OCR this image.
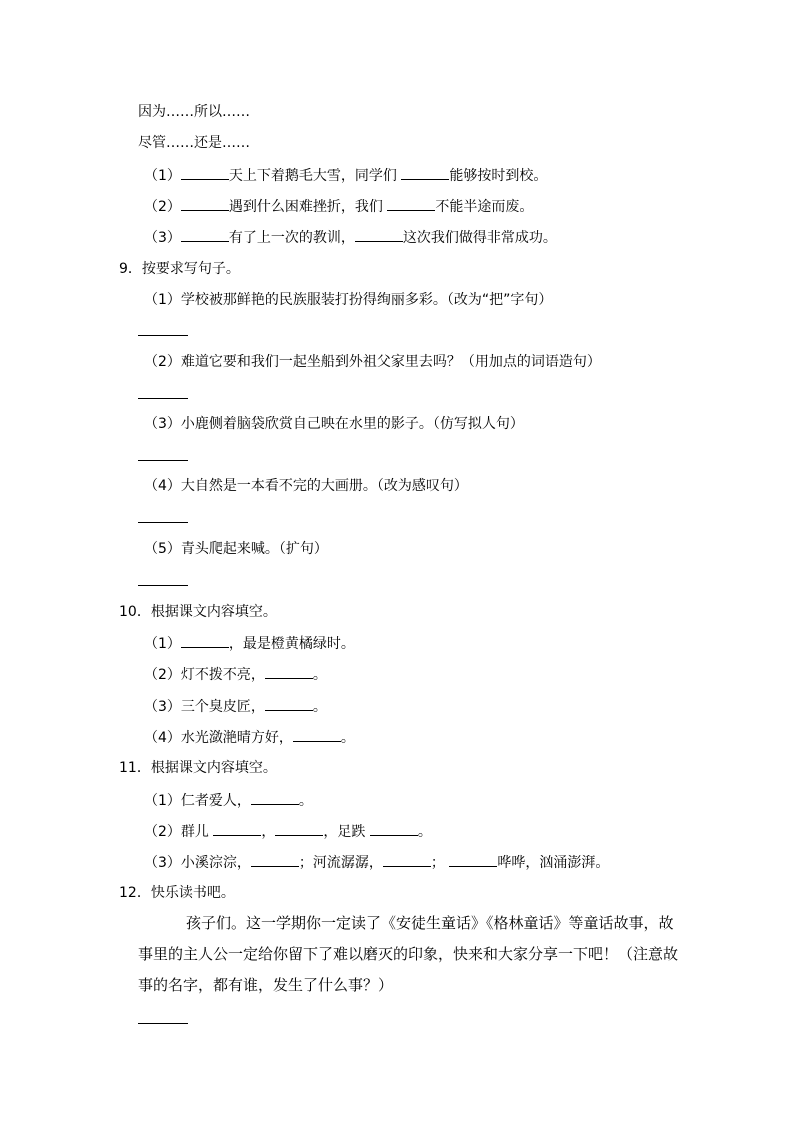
因为……所以……
尽管……还是……
（1）	天上下着鹅毛大雪，同学们	能够按时到校。
（2）	遇到什么困难挫折，我们	不能半途而废。
（3）	有了上一次的教训，	这次我们做得非常成功。
9．按要求写句子。
（1）学校被那鲜艳的民族服装打扮得绚丽多彩。（改为“把”字句）
（2）难道它要和我们一起坐船到外祖父家里去吗？（用加点的词语造句）
（3）小鹿侧着脑袋欣赏自己映在水里的影子。（仿写拟人句）
（4）大自然是一本看不完的大画册。（改为感叹句）
（5）青头爬起来喊。（扩句）
10．根据课文内容填空。
（1）	，最是橙黄橘绿时。
（2）灯不拨不亮，	。
（3）三个臭皮匠，	。
（4）水光潋滟晴方好，	。
11．根据课文内容填空。
（1）仁者爱人，	。
（2）群儿	，	，足跌	。
（3）小溪淙淙，	；河流潺潺，	；	哗哗，汹涌澎湃。
12．快乐读书吧。
孩子们。这一学期你一定读了《安徒生童话》《格林童话》等童话故事，故事里的主人公一定给你留下了难以磨灭的印象，快来和大家分享一下吧！（注意故事的名字，都有谁，发生了什么事？）
